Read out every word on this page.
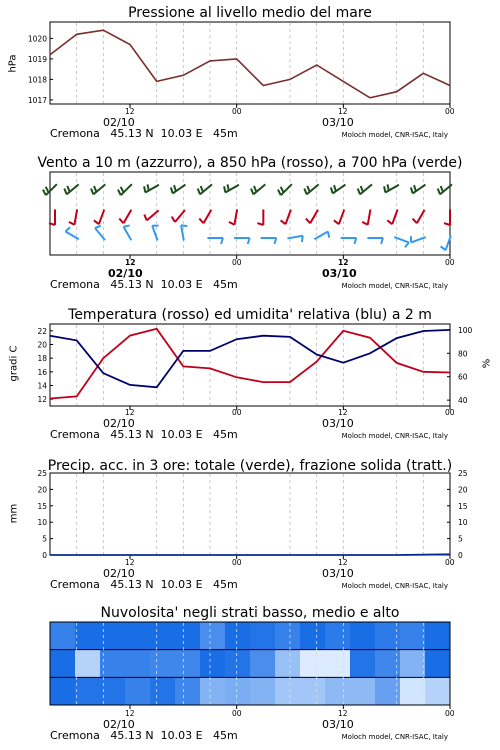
Pressione al livello medio del mare
hPa
Vento a 10 m (azzurro), a 850 hPa (rosso), a 700 hPa (verde)
Temperatura (rosso) ed umidita' relativa (blu) a 2 m
gradi C	%
Precip. acc. in 3 ore: totale (verde), frazione solida (tratt.)
mm
Nuvolosita' negli strati basso, medio e alto
12	00	12	00
02/10	03/10
Cremona   45.13 N  10.03 E   45m	Moloch model, CNR-ISAC, Italy
12	00	12	00
02/10	03/10
Cremona   45.13 N  10.03 E   45m	Moloch model, CNR-ISAC, Italy
12	00	12	00
02/10	03/10
Cremona   45.13 N  10.03 E   45m	Moloch model, CNR-ISAC, Italy
12	00	12	00
02/10	03/10
Cremona   45.13 N  10.03 E   45m	Moloch model, CNR-ISAC, Italy
12	00	12	00
02/10	03/10
Cremona   45.13 N  10.03 E   45m	Moloch model, CNR-ISAC, Italy
1017
1018
1019
1020
12
14
16
18
20
22
40
60
80
100
0
5
10
15
20
25
0
5
10
15
20
25
